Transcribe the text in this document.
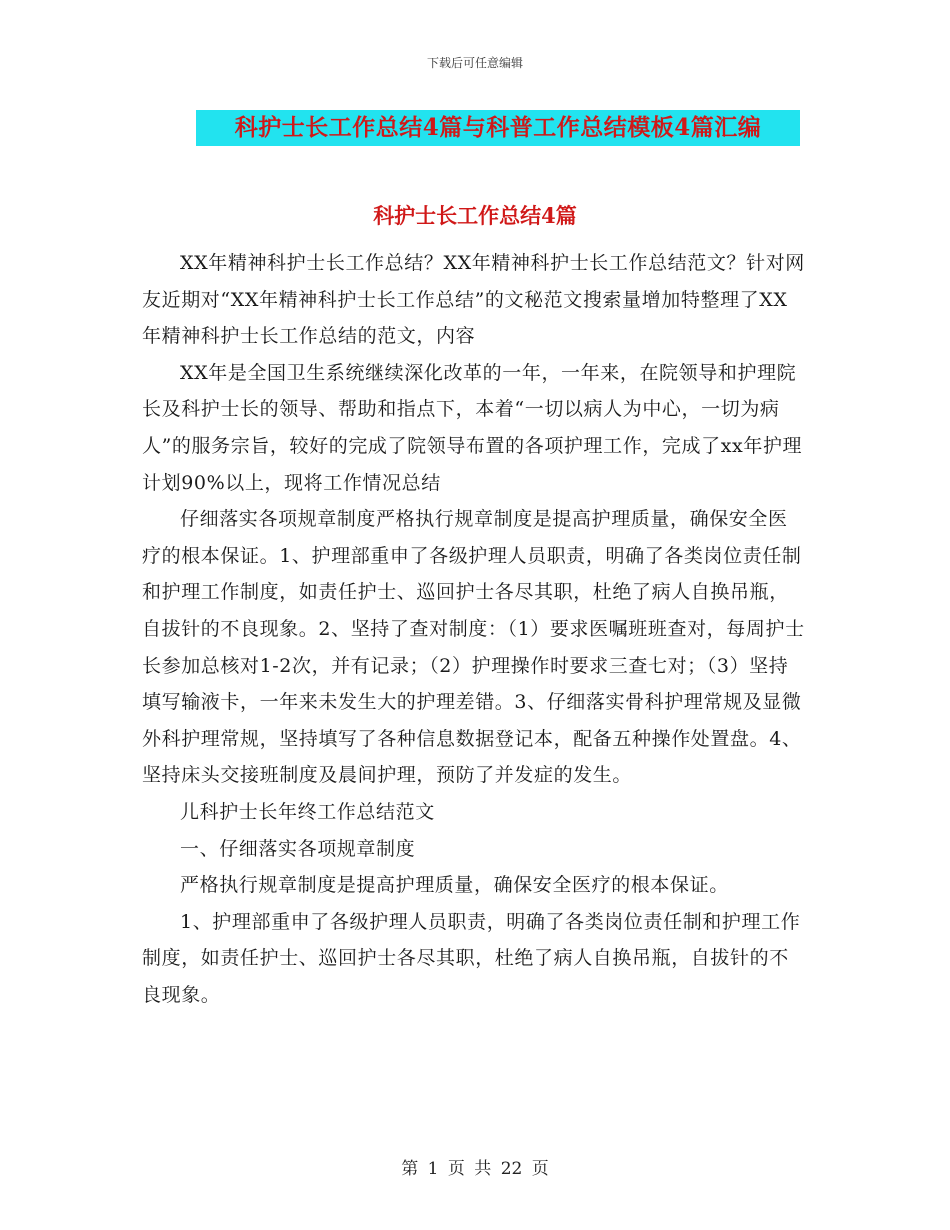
下载后可任意编辑
科护士长工作总结4篇与科普工作总结模板4篇汇编
科护士长工作总结4篇

XX年精神科护士长工作总结？XX年精神科护士长工作总结范文？针对网友近期对“XX年精神科护士长工作总结”的文秘范文搜索量增加特整理了XX年精神科护士长工作总结的范文，内容

XX年是全国卫生系统继续深化改革的一年，一年来，在院领导和护理院长及科护士长的领导、帮助和指点下，本着“一切以病人为中心，一切为病人”的服务宗旨，较好的完成了院领导布置的各项护理工作，完成了xx年护理计划90%以上，现将工作情况总结

仔细落实各项规章制度严格执行规章制度是提高护理质量，确保安全医疗的根本保证。1、护理部重申了各级护理人员职责，明确了各类岗位责任制和护理工作制度，如责任护士、巡回护士各尽其职，杜绝了病人自换吊瓶，自拔针的不良现象。2、坚持了查对制度：（1）要求医嘱班班查对，每周护士长参加总核对1-2次，并有记录；（2）护理操作时要求三查七对；（3）坚持填写输液卡，一年来未发生大的护理差错。3、仔细落实骨科护理常规及显微外科护理常规，坚持填写了各种信息数据登记本，配备五种操作处置盘。4、坚持床头交接班制度及晨间护理，预防了并发症的发生。

儿科护士长年终工作总结范文

一、仔细落实各项规章制度

严格执行规章制度是提高护理质量，确保安全医疗的根本保证。

1、护理部重申了各级护理人员职责，明确了各类岗位责任制和护理工作制度，如责任护士、巡回护士各尽其职，杜绝了病人自换吊瓶，自拔针的不良现象。

第 1 页 共 22 页
